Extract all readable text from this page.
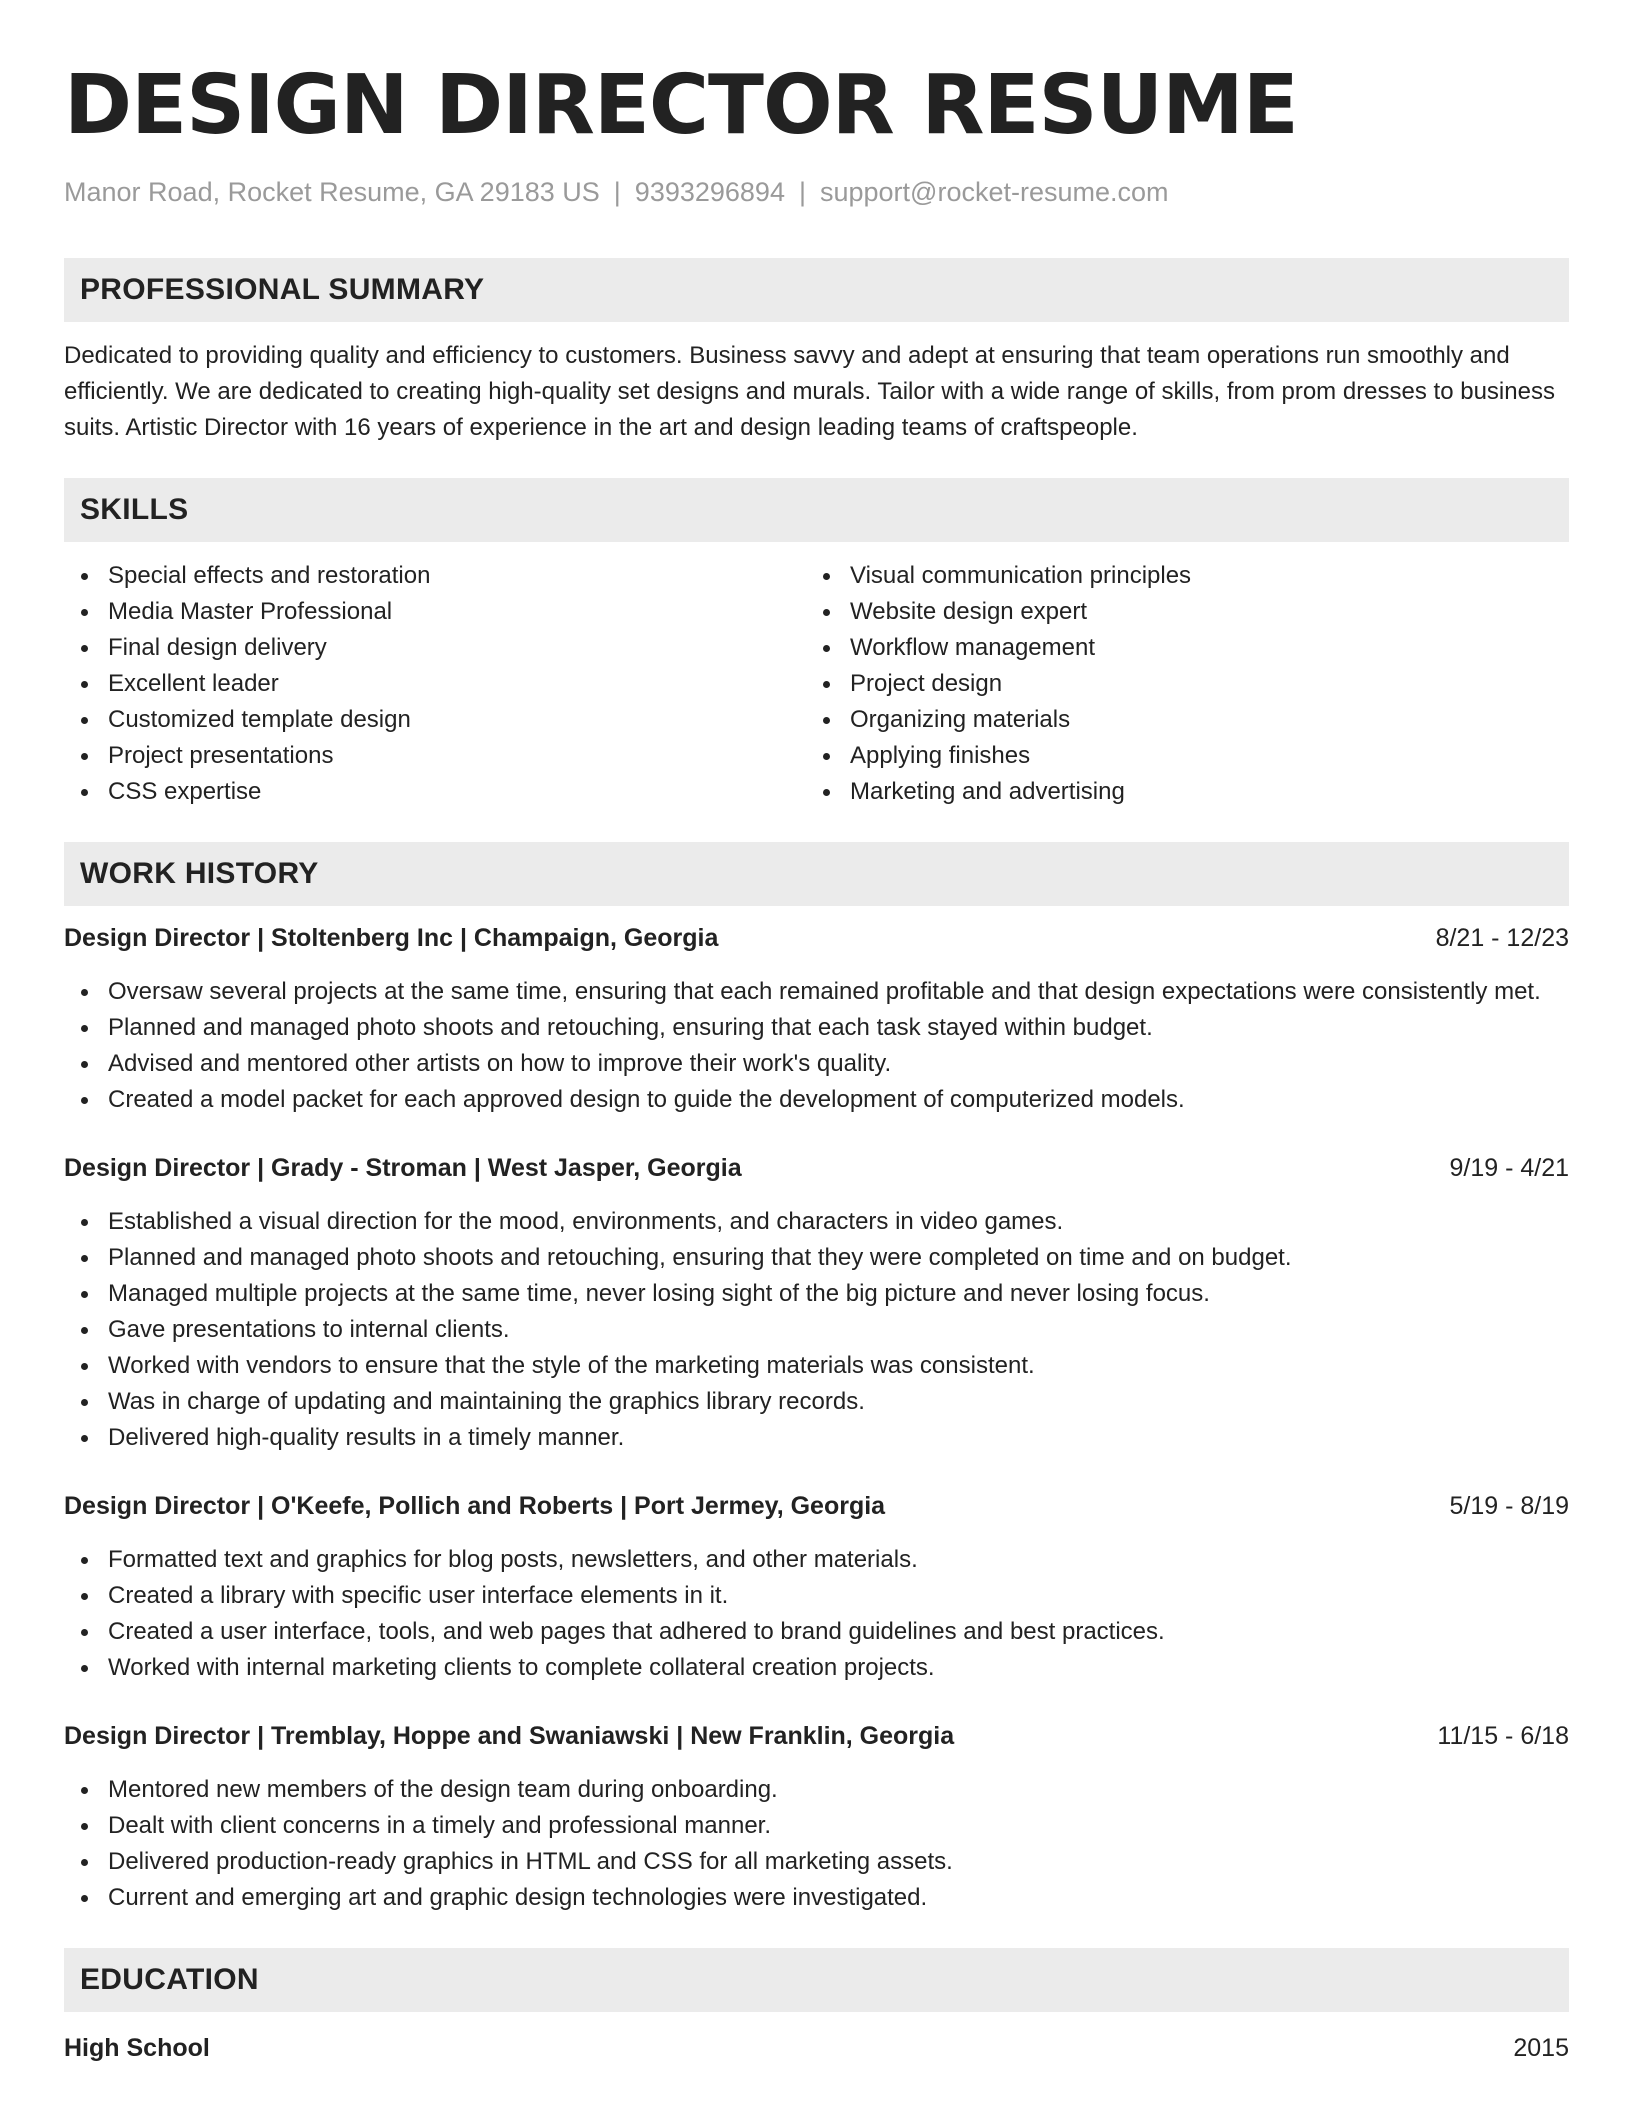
DESIGN DIRECTOR RESUME
Manor Road, Rocket Resume, GA 29183 US | 9393296894 | support@rocket-resume.com
PROFESSIONAL SUMMARY
Dedicated to providing quality and efficiency to customers. Business savvy and adept at ensuring that team operations run smoothly and efficiently. We are dedicated to creating high-quality set designs and murals. Tailor with a wide range of skills, from prom dresses to business suits. Artistic Director with 16 years of experience in the art and design leading teams of craftspeople.
SKILLS
Special effects and restoration
Media Master Professional
Final design delivery
Excellent leader
Customized template design
Project presentations
CSS expertise
Visual communication principles
Website design expert
Workflow management
Project design
Organizing materials
Applying finishes
Marketing and advertising
WORK HISTORY
Design Director | Stoltenberg Inc | Champaign, Georgia	8/21 - 12/23
Oversaw several projects at the same time, ensuring that each remained profitable and that design expectations were consistently met.
Planned and managed photo shoots and retouching, ensuring that each task stayed within budget.
Advised and mentored other artists on how to improve their work's quality.
Created a model packet for each approved design to guide the development of computerized models.
Design Director | Grady - Stroman | West Jasper, Georgia	9/19 - 4/21
Established a visual direction for the mood, environments, and characters in video games.
Planned and managed photo shoots and retouching, ensuring that they were completed on time and on budget.
Managed multiple projects at the same time, never losing sight of the big picture and never losing focus.
Gave presentations to internal clients.
Worked with vendors to ensure that the style of the marketing materials was consistent.
Was in charge of updating and maintaining the graphics library records.
Delivered high-quality results in a timely manner.
Design Director | O'Keefe, Pollich and Roberts | Port Jermey, Georgia	5/19 - 8/19
Formatted text and graphics for blog posts, newsletters, and other materials.
Created a library with specific user interface elements in it.
Created a user interface, tools, and web pages that adhered to brand guidelines and best practices.
Worked with internal marketing clients to complete collateral creation projects.
Design Director | Tremblay, Hoppe and Swaniawski | New Franklin, Georgia	11/15 - 6/18
Mentored new members of the design team during onboarding.
Dealt with client concerns in a timely and professional manner.
Delivered production-ready graphics in HTML and CSS for all marketing assets.
Current and emerging art and graphic design technologies were investigated.
EDUCATION
High School	2015
